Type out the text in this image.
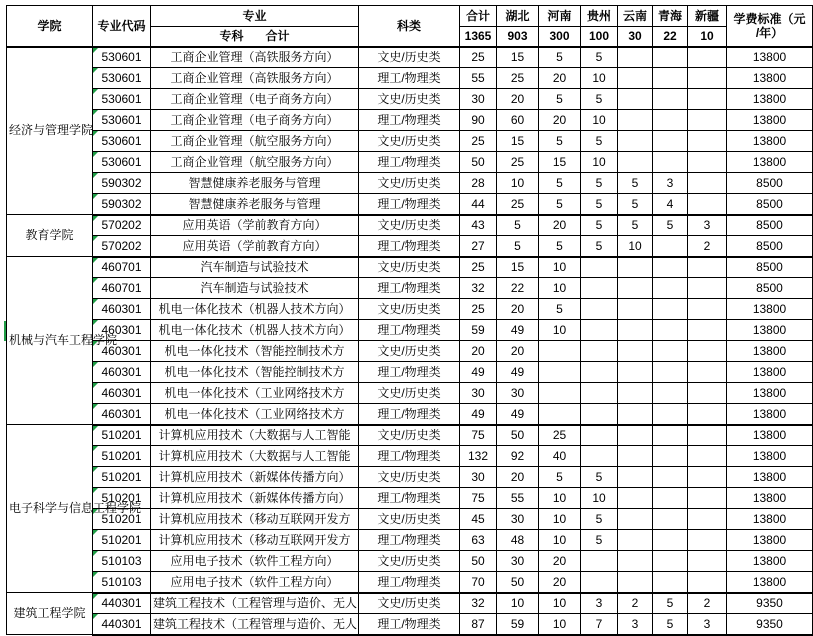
学院	专业代码	专业	科类	合计	湖北	河南	贵州	云南	青海	新疆	学费标准（元
/年）

		专科 合计		1365	903	300	100	30	22	10	
经济与管理学院	530601	工商企业管理（高铁服务方向）	文史/历史类	25	15	5	5				13800
	530601	工商企业管理（高铁服务方向）	理工/物理类	55	25	20	10				13800
	530601	工商企业管理（电子商务方向）	文史/历史类	30	20	5	5				13800
	530601	工商企业管理（电子商务方向）	理工/物理类	90	60	20	10				13800
	530601	工商企业管理（航空服务方向）	文史/历史类	25	15	5	5				13800
	530601	工商企业管理（航空服务方向）	理工/物理类	50	25	15	10				13800
	590302	智慧健康养老服务与管理	文史/历史类	28	10	5	5	5	3		8500
	590302	智慧健康养老服务与管理	理工/物理类	44	25	5	5	5	4		8500
教育学院	570202	应用英语（学前教育方向）	文史/历史类	43	5	20	5	5	5	3	8500
	570202	应用英语（学前教育方向）	理工/物理类	27	5	5	5	10		2	8500
机械与汽车工程学院	460701	汽车制造与试验技术	文史/历史类	25	15	10					8500
	460701	汽车制造与试验技术	理工/物理类	32	22	10					8500
	460301	机电一体化技术（机器人技术方向）	文史/历史类	25	20	5					13800
	460301	机电一体化技术（机器人技术方向）	理工/物理类	59	49	10					13800
	460301	机电一体化技术（智能控制技术方	文史/历史类	20	20						13800
	460301	机电一体化技术（智能控制技术方	理工/物理类	49	49						13800
	460301	机电一体化技术（工业网络技术方	文史/历史类	30	30						13800
	460301	机电一体化技术（工业网络技术方	理工/物理类	49	49						13800
电子科学与信息工程学院	510201	计算机应用技术（大数据与人工智能	文史/历史类	75	50	25					13800
	510201	计算机应用技术（大数据与人工智能	理工/物理类	132	92	40					13800
	510201	计算机应用技术（新媒体传播方向）	文史/历史类	30	20	5	5				13800
	510201	计算机应用技术（新媒体传播方向）	理工/物理类	75	55	10	10				13800
	510201	计算机应用技术（移动互联网开发方	文史/历史类	45	30	10	5				13800
	510201	计算机应用技术（移动互联网开发方	理工/物理类	63	48	10	5				13800
	510103	应用电子技术（软件工程方向）	文史/历史类	50	30	20					13800
	510103	应用电子技术（软件工程方向）	理工/物理类	70	50	20					13800
建筑工程学院	440301	建筑工程技术（工程管理与造价、无人	文史/历史类	32	10	10	3	2	5	2	9350
	440301	建筑工程技术（工程管理与造价、无人	理工/物理类	87	59	10	7	3	5	3	9350
